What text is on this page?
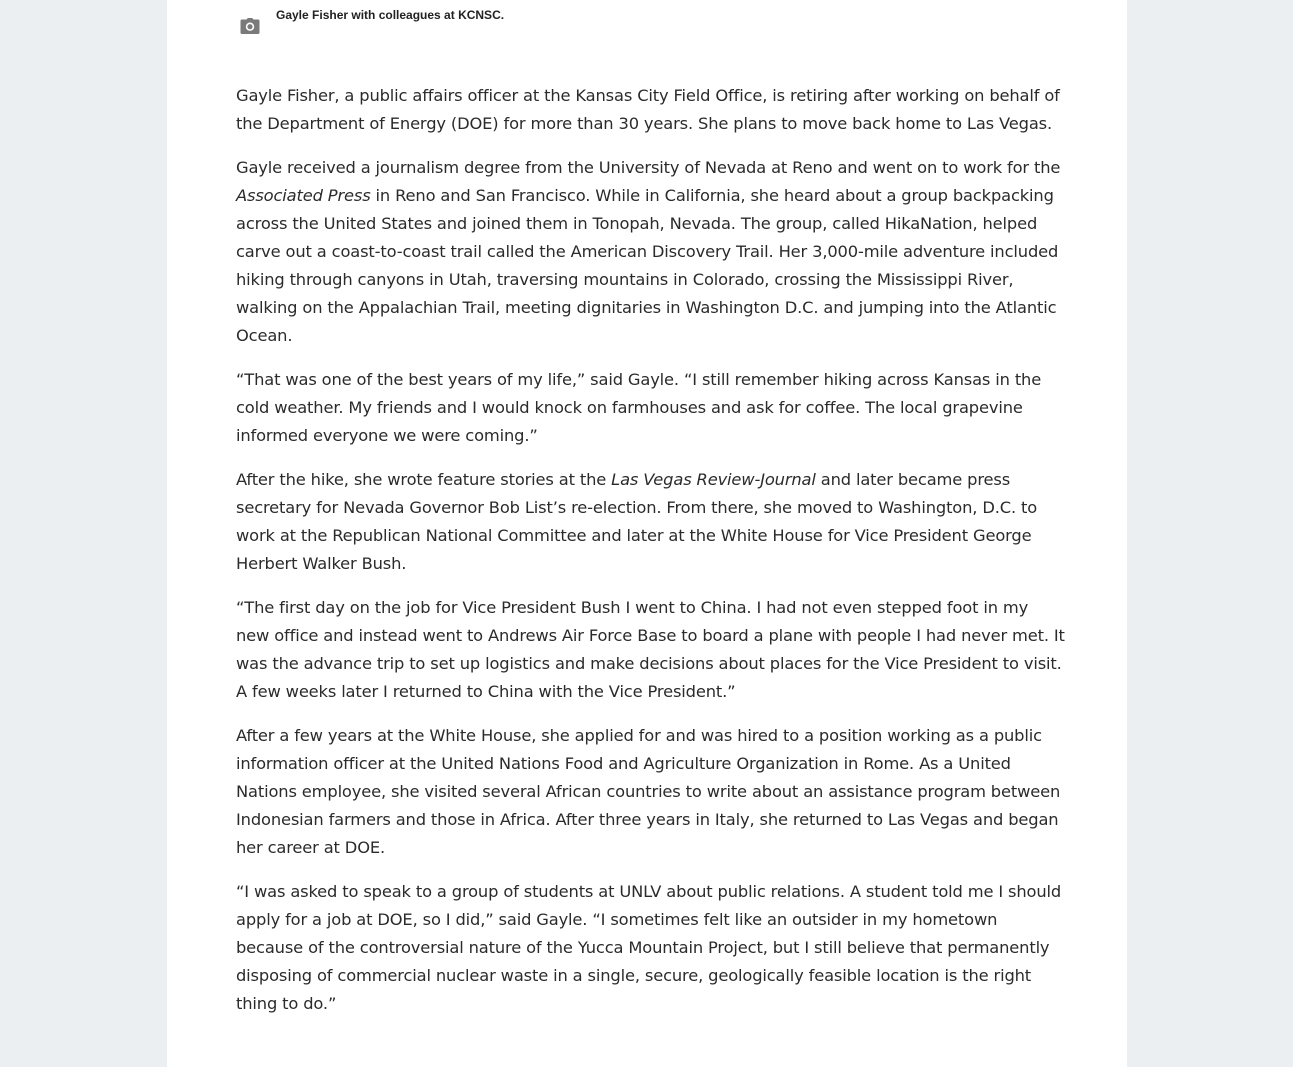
Gayle Fisher with colleagues at KCNSC.

Gayle Fisher, a public affairs officer at the Kansas City Field Office, is retiring after working on behalf of the Department of Energy (DOE) for more than 30 years. She plans to move back home to Las Vegas.

Gayle received a journalism degree from the University of Nevada at Reno and went on to work for the Associated Press in Reno and San Francisco. While in California, she heard about a group backpacking across the United States and joined them in Tonopah, Nevada. The group, called HikaNation, helped carve out a coast-to-coast trail called the American Discovery Trail. Her 3,000-mile adventure included hiking through canyons in Utah, traversing mountains in Colorado, crossing the Mississippi River, walking on the Appalachian Trail, meeting dignitaries in Washington D.C. and jumping into the Atlantic Ocean.

“That was one of the best years of my life,” said Gayle. “I still remember hiking across Kansas in the cold weather. My friends and I would knock on farmhouses and ask for coffee. The local grapevine informed everyone we were coming.”

After the hike, she wrote feature stories at the Las Vegas Review-Journal and later became press secretary for Nevada Governor Bob List’s re-election. From there, she moved to Washington, D.C. to work at the Republican National Committee and later at the White House for Vice President George Herbert Walker Bush.

“The first day on the job for Vice President Bush I went to China. I had not even stepped foot in my new office and instead went to Andrews Air Force Base to board a plane with people I had never met. It was the advance trip to set up logistics and make decisions about places for the Vice President to visit. A few weeks later I returned to China with the Vice President.”

After a few years at the White House, she applied for and was hired to a position working as a public information officer at the United Nations Food and Agriculture Organization in Rome. As a United Nations employee, she visited several African countries to write about an assistance program between Indonesian farmers and those in Africa. After three years in Italy, she returned to Las Vegas and began her career at DOE.

“I was asked to speak to a group of students at UNLV about public relations. A student told me I should apply for a job at DOE, so I did,” said Gayle. “I sometimes felt like an outsider in my hometown because of the controversial nature of the Yucca Mountain Project, but I still believe that permanently disposing of commercial nuclear waste in a single, secure, geologically feasible location is the right thing to do.”
